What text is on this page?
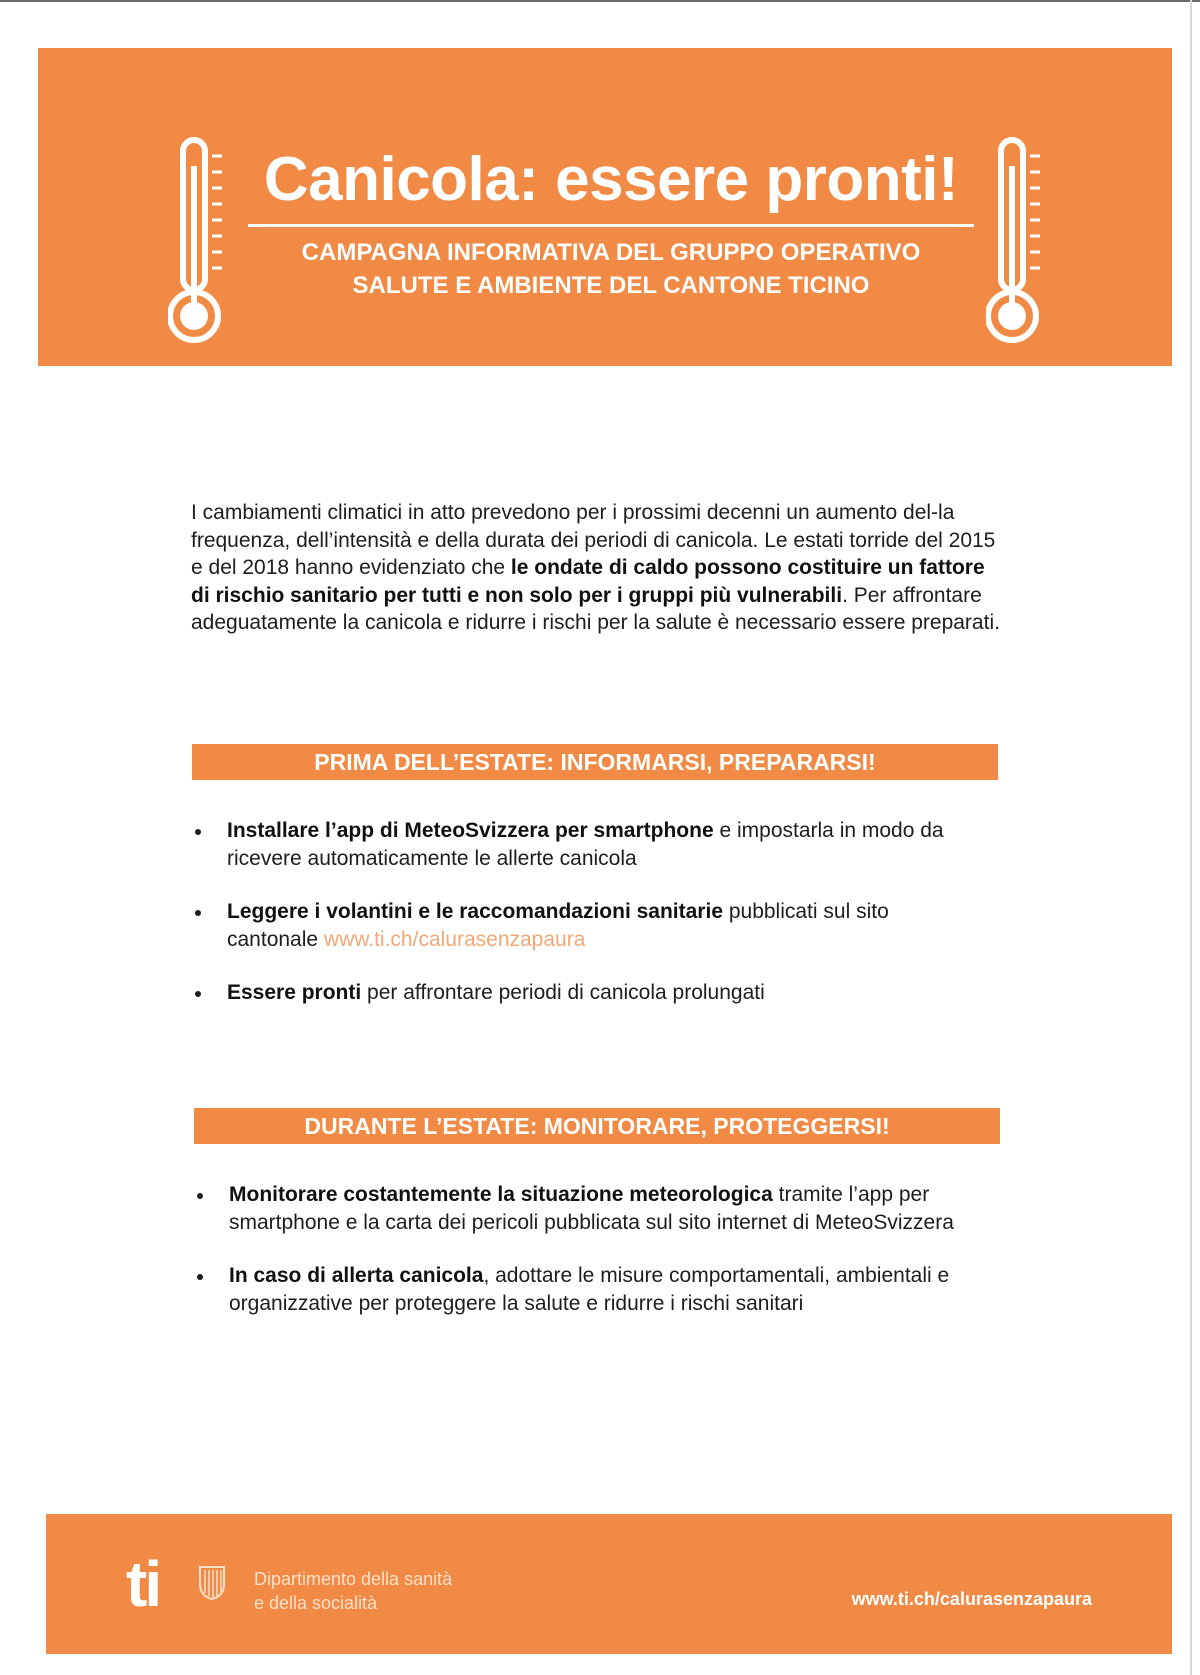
Canicola: essere pronti!
CAMPAGNA INFORMATIVA DEL GRUPPO OPERATIVO
SALUTE E AMBIENTE DEL CANTONE TICINO

I cambiamenti climatici in atto prevedono per i prossimi decenni un aumento del-la frequenza, dell’intensità e della durata dei periodi di canicola. Le estati torride del 2015 e del 2018 hanno evidenziato che le ondate di caldo possono costituire un fattore di rischio sanitario per tutti e non solo per i gruppi più vulnerabili. Per affrontare adeguatamente la canicola e ridurre i rischi per la salute è necessario essere preparati.

PRIMA DELL’ESTATE: INFORMARSI, PREPARARSI!
Installare l’app di MeteoSvizzera per smartphone e impostarla in modo da ricevere automaticamente le allerte canicola
Leggere i volantini e le raccomandazioni sanitarie pubblicati sul sito cantonale www.ti.ch/calurasenzapaura
Essere pronti per affrontare periodi di canicola prolungati
DURANTE L’ESTATE: MONITORARE, PROTEGGERSI!
Monitorare costantemente la situazione meteorologica tramite l’app per smartphone e la carta dei pericoli pubblicata sul sito internet di MeteoSvizzera
In caso di allerta canicola, adottare le misure comportamentali, ambientali e organizzative per proteggere la salute e ridurre i rischi sanitari
ti	Dipartimento della sanità
e della socialità	www.ti.ch/calurasenzapaura
